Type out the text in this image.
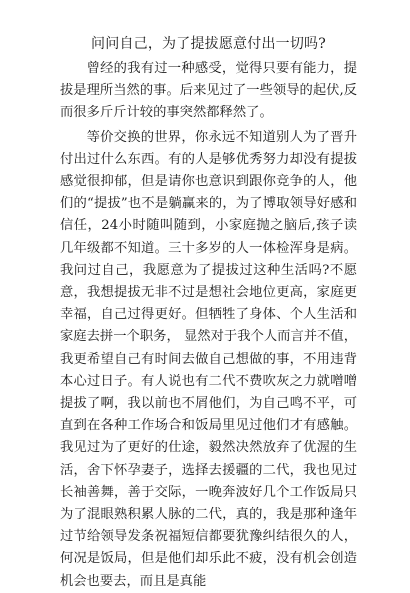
问问自己，为了提拔愿意付出一切吗?

曾经的我有过一种感受，觉得只要有能力，提拔是理所当然的事。后来见过了一些领导的起伏,反而很多斤斤计较的事突然都释然了。

等价交换的世界，你永远不知道别人为了晋升付出过什么东西。有的人是够优秀努力却没有提拔感觉很抑郁，但是请你也意识到跟你竞争的人，他们的“提拔”也不是躺赢来的，为了博取领导好感和信任，24小时随叫随到，小家庭抛之脑后,孩子读几年级都不知道。三十多岁的人一体检浑身是病。我问过自己，我愿意为了提拔过这种生活吗?不愿意，我想提拔无非不过是想社会地位更高，家庭更幸福，自己过得更好。但牺牲了身体、个人生活和家庭去拼一个职务， 显然对于我个人而言并不值，我更希望自己有时间去做自己想做的事，不用违背本心过日子。有人说也有二代不费吹灰之力就噌噌提拔了啊，我以前也不屑他们，为自己鸣不平，可直到在各种工作场合和饭局里见过他们才有感触。我见过为了更好的仕途，毅然决然放弃了优渥的生活，舍下怀孕妻子，选择去援疆的二代，我也见过长袖善舞，善于交际，一晚奔波好几个工作饭局只为了混眼熟积累人脉的二代，真的，我是那种逢年过节给领导发条祝福短信都要犹豫纠结很久的人，何况是饭局，但是他们却乐此不疲，没有机会创造机会也要去，而且是真能
